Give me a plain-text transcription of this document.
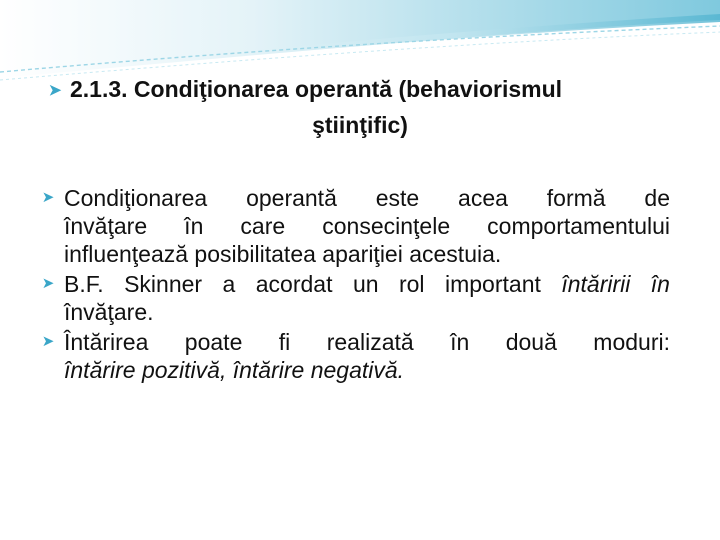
➤ 2.1.3. Condiţionarea operantă (behaviorismul
ştiinţific)
➤ Condiţionarea operantă este acea formă de
învăţare în care consecinţele comportamentului
influenţează posibilitatea apariţiei acestuia.
➤ B.F. Skinner a acordat un rol important întăririi în
învăţare.
➤ Întărirea poate fi realizată în două moduri:
întărire pozitivă, întărire negativă.
